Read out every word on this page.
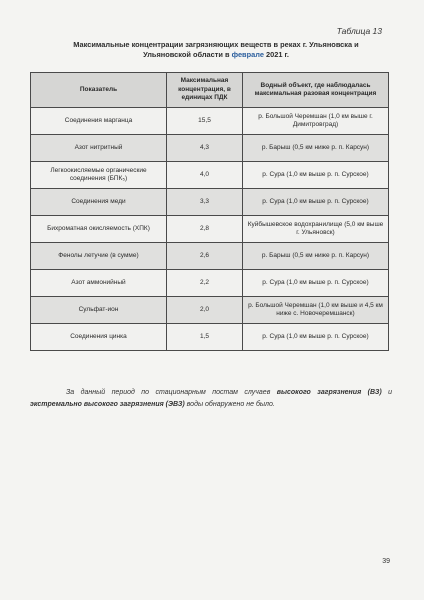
Таблица 13
Максимальные концентрации загрязняющих веществ в реках г. Ульяновска и Ульяновской области в феврале 2021 г.
Показатель	Максимальная концентрация, в единицах ПДК	Водный объект, где наблюдалась максимальная разовая концентрация
Соединения марганца	15,5	р. Большой Черемшан (1,0 км выше г. Димитровград)
Азот нитритный	4,3	р. Барыш (0,5 км ниже р. п. Карсун)
Легкоокисляемые органические соединения (БПК₅)	4,0	р. Сура (1,0 км выше р. п. Сурское)
Соединения меди	3,3	р. Сура (1,0 км выше р. п. Сурское)
Бихроматная окисляемость (ХПК)	2,8	Куйбышевское водохранилище (5,0 км выше г. Ульяновск)
Фенолы летучие (в сумме)	2,6	р. Барыш (0,5 км ниже р. п. Карсун)
Азот аммонийный	2,2	р. Сура (1,0 км выше р. п. Сурское)
Сульфат-ион	2,0	р. Большой Черемшан (1,0 км выше и 4,5 км ниже с. Новочеремшанск)
Соединения цинка	1,5	р. Сура (1,0 км выше р. п. Сурское)
За данный период по стационарным постам случаев высокого загрязнения (ВЗ) и экстремально высокого загрязнения (ЭВЗ) воды обнаружено не было.
39
